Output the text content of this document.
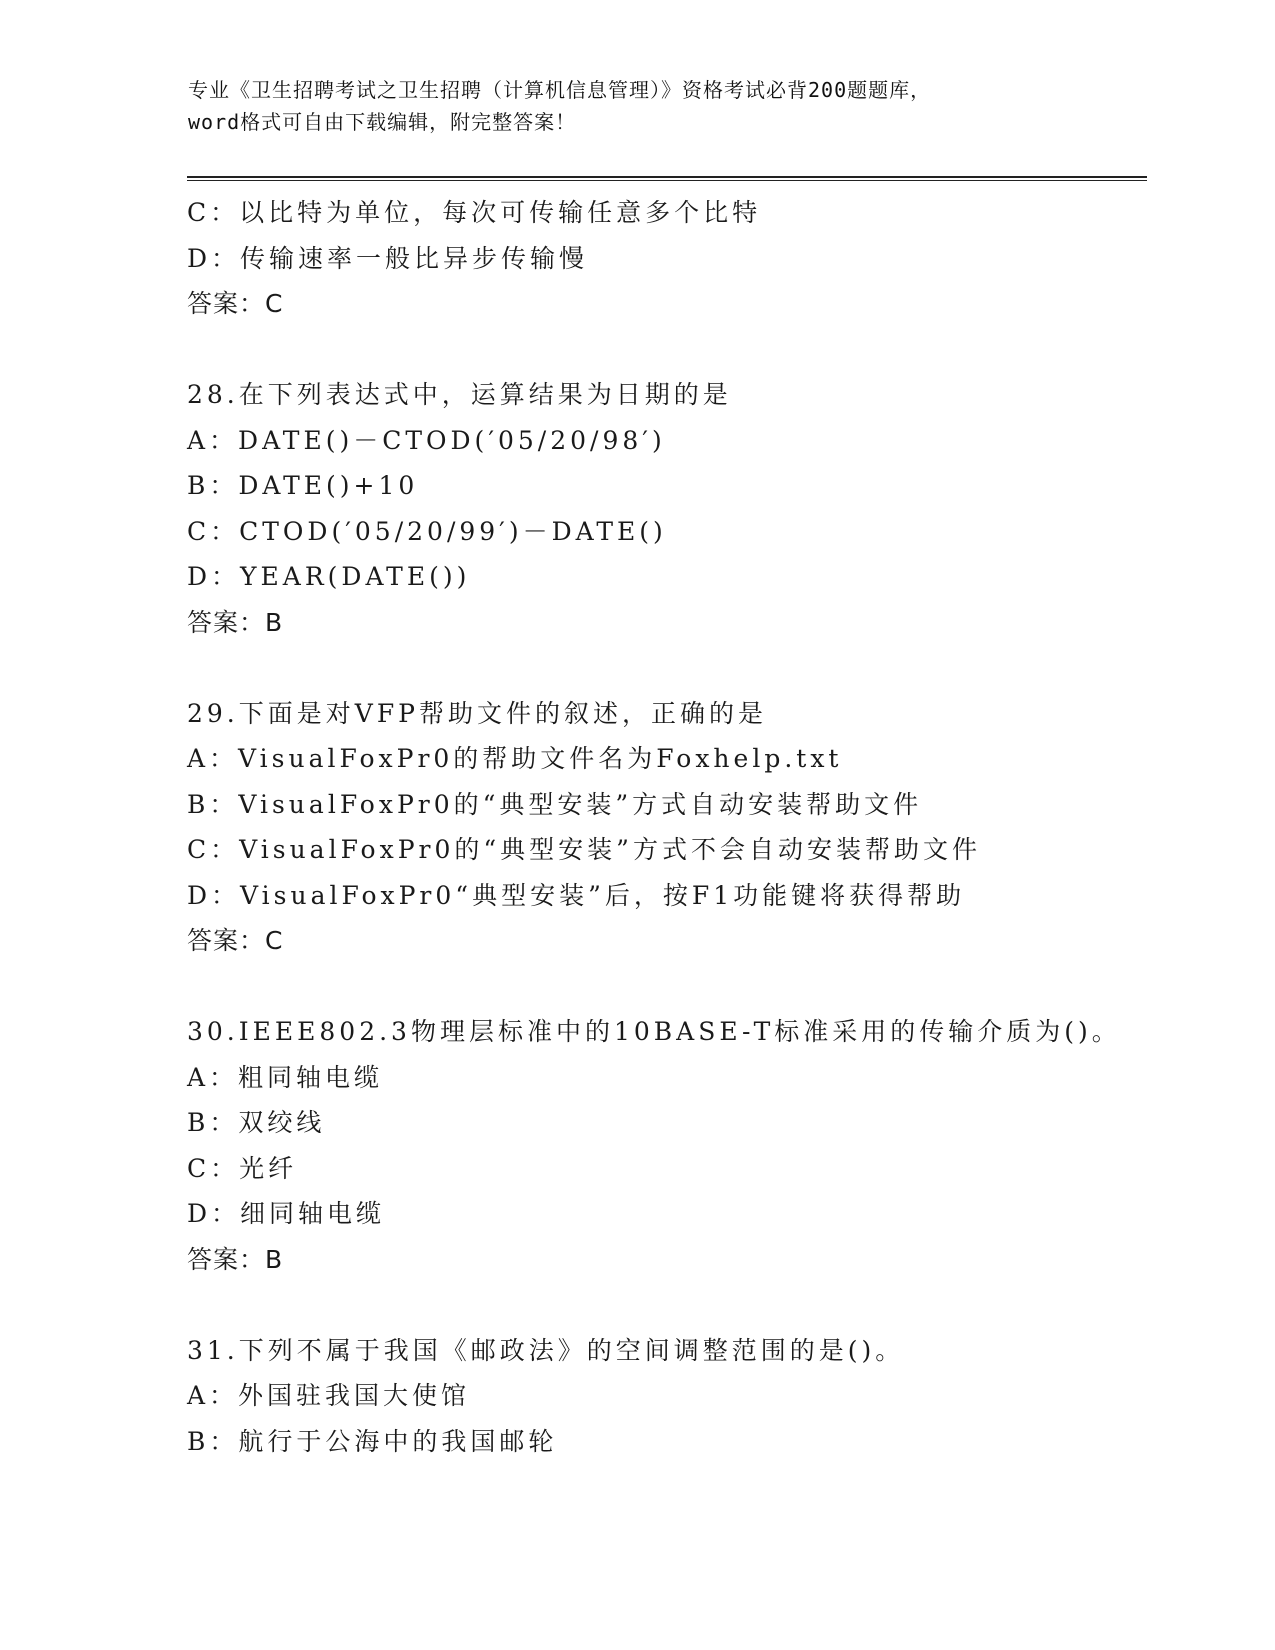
专业《卫生招聘考试之卫生招聘（计算机信息管理）》资格考试必背200题题库，
word格式可自由下载编辑，附完整答案！
C：以比特为单位，每次可传输任意多个比特
D：传输速率一般比异步传输慢
答案：C
28.在下列表达式中，运算结果为日期的是
A：DATE()－CTOD(′05/20/98′)
B：DATE()+10
C：CTOD(′05/20/99′)－DATE()
D：YEAR(DATE())
答案：B
29.下面是对VFP帮助文件的叙述，正确的是
A：VisualFoxPr0的帮助文件名为Foxhelp.txt
B：VisualFoxPr0的“典型安装”方式自动安装帮助文件
C：VisualFoxPr0的“典型安装”方式不会自动安装帮助文件
D：VisualFoxPr0“典型安装”后，按F1功能键将获得帮助
答案：C
30.IEEE802.3物理层标准中的10BASE-T标准采用的传输介质为()。
A：粗同轴电缆
B：双绞线
C：光纤
D：细同轴电缆
答案：B
31.下列不属于我国《邮政法》的空间调整范围的是()。
A：外国驻我国大使馆
B：航行于公海中的我国邮轮
